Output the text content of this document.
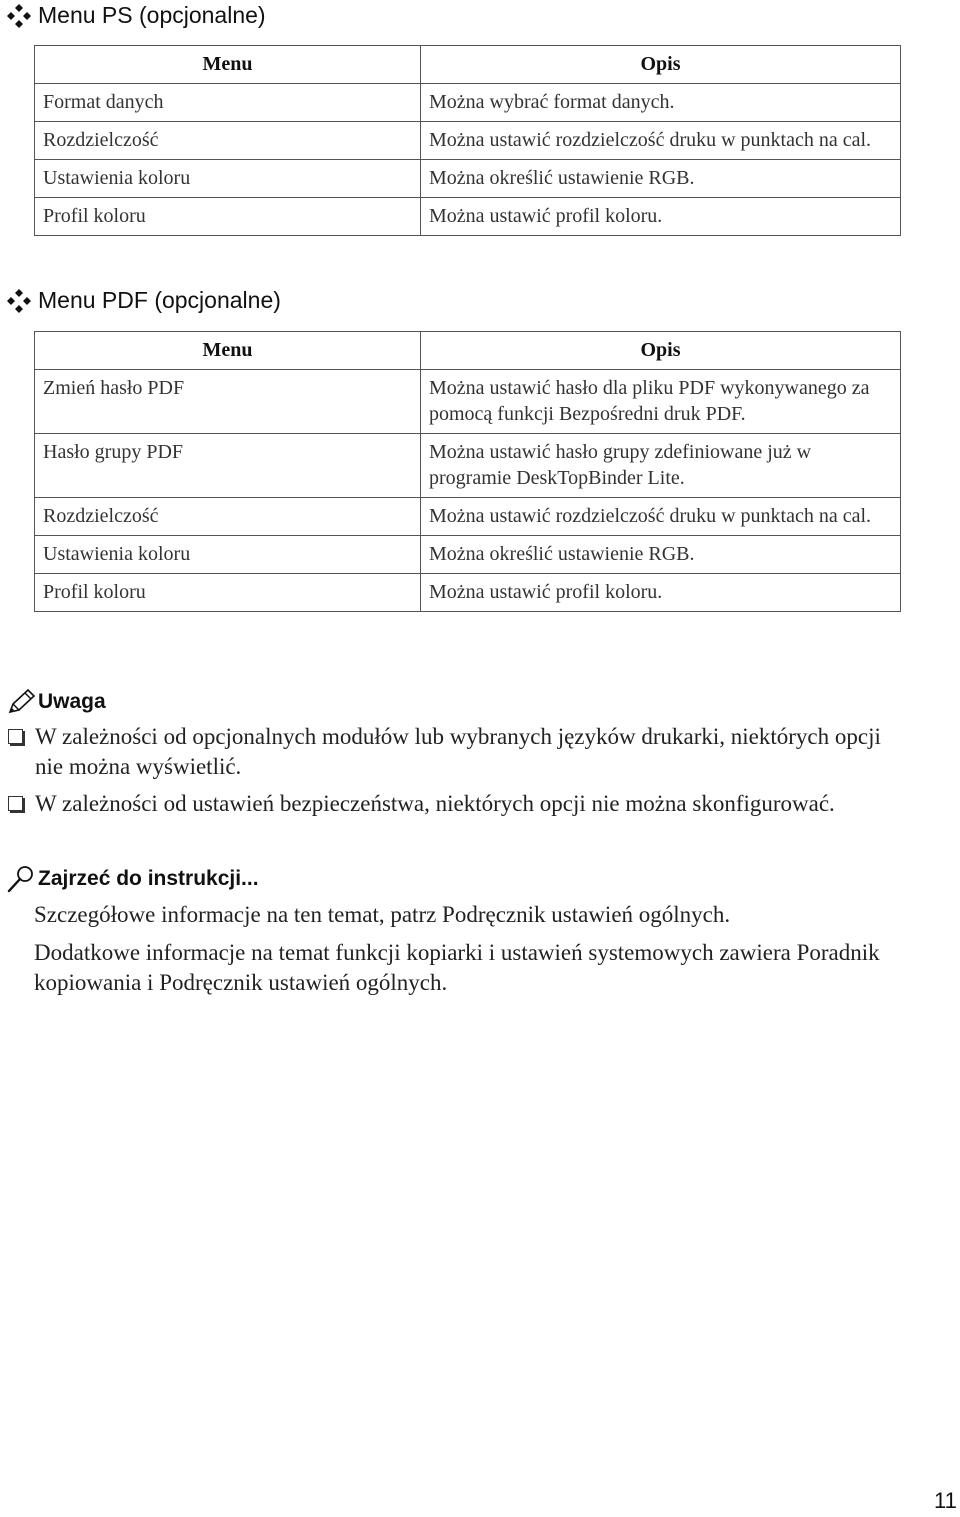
Menu PS (opcjonalne)
Menu	Opis
Format danych	Można wybrać format danych.
Rozdzielczość	Można ustawić rozdzielczość druku w punktach na cal.
Ustawienia koloru	Można określić ustawienie RGB.
Profil koloru	Można ustawić profil koloru.
Menu PDF (opcjonalne)
Menu	Opis
Zmień hasło PDF	Można ustawić hasło dla pliku PDF wykonywanego za pomocą funkcji Bezpośredni druk PDF.
Hasło grupy PDF	Można ustawić hasło grupy zdefiniowane już w programie DeskTopBinder Lite.
Rozdzielczość	Można ustawić rozdzielczość druku w punktach na cal.
Ustawienia koloru	Można określić ustawienie RGB.
Profil koloru	Można ustawić profil koloru.
Uwaga
W zależności od opcjonalnych modułów lub wybranych języków drukarki, niektórych opcji nie można wyświetlić.
W zależności od ustawień bezpieczeństwa, niektórych opcji nie można skonfigurować.
Zajrzeć do instrukcji...
Szczegółowe informacje na ten temat, patrz Podręcznik ustawień ogólnych.
Dodatkowe informacje na temat funkcji kopiarki i ustawień systemowych zawiera Poradnik kopiowania i Podręcznik ustawień ogólnych.
11
